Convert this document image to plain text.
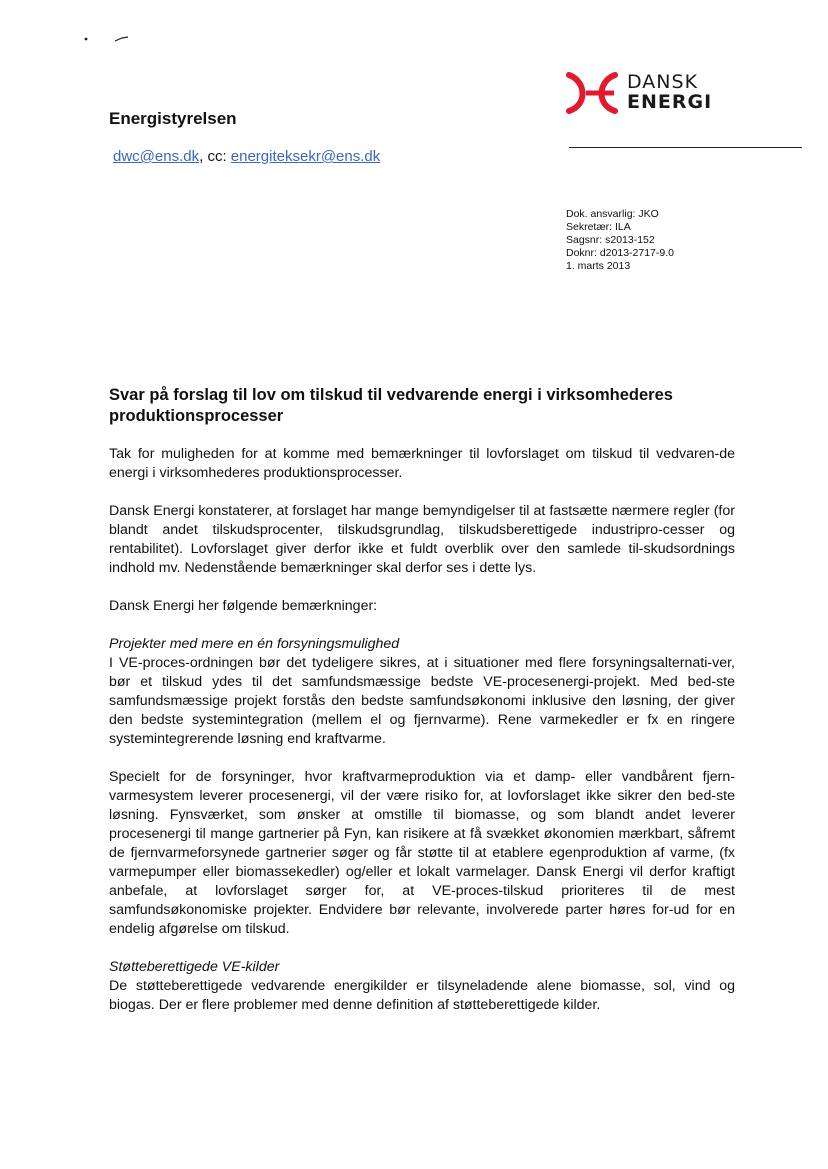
DANSK
ENERGI
Energistyrelsen
dwc@ens.dk, cc: energiteksekr@ens.dk
Dok. ansvarlig: JKO
Sekretær: ILA
Sagsnr: s2013-152
Doknr: d2013-2717-9.0
1. marts 2013
Svar på forslag til lov om tilskud til vedvarende energi i virksomhederes produktionsprocesser

Tak for muligheden for at komme med bemærkninger til lovforslaget om tilskud til vedvaren-de energi i virksomhederes produktionsprocesser.

Dansk Energi konstaterer, at forslaget har mange bemyndigelser til at fastsætte nærmere regler (for blandt andet tilskudsprocenter, tilskudsgrundlag, tilskudsberettigede industripro-cesser og rentabilitet). Lovforslaget giver derfor ikke et fuldt overblik over den samlede til-skudsordnings indhold mv. Nedenstående bemærkninger skal derfor ses i dette lys.

Dansk Energi her følgende bemærkninger:

Projekter med mere en én forsyningsmulighed

I VE-proces-ordningen bør det tydeligere sikres, at i situationer med flere forsyningsalternati-ver, bør et tilskud ydes til det samfundsmæssige bedste VE-procesenergi-projekt. Med bed-ste samfundsmæssige projekt forstås den bedste samfundsøkonomi inklusive den løsning, der giver den bedste systemintegration (mellem el og fjernvarme). Rene varmekedler er fx en ringere systemintegrerende løsning end kraftvarme.

Specielt for de forsyninger, hvor kraftvarmeproduktion via et damp- eller vandbårent fjern-varmesystem leverer procesenergi, vil der være risiko for, at lovforslaget ikke sikrer den bed-ste løsning. Fynsværket, som ønsker at omstille til biomasse, og som blandt andet leverer procesenergi til mange gartnerier på Fyn, kan risikere at få svækket økonomien mærkbart, såfremt de fjernvarmeforsynede gartnerier søger og får støtte til at etablere egenproduktion af varme, (fx varmepumper eller biomassekedler) og/eller et lokalt varmelager. Dansk Energi vil derfor kraftigt anbefale, at lovforslaget sørger for, at VE-proces-tilskud prioriteres til de mest samfundsøkonomiske projekter. Endvidere bør relevante, involverede parter høres for-ud for en endelig afgørelse om tilskud.

Støtteberettigede VE-kilder

De støtteberettigede vedvarende energikilder er tilsyneladende alene biomasse, sol, vind og biogas. Der er flere problemer med denne definition af støtteberettigede kilder.
